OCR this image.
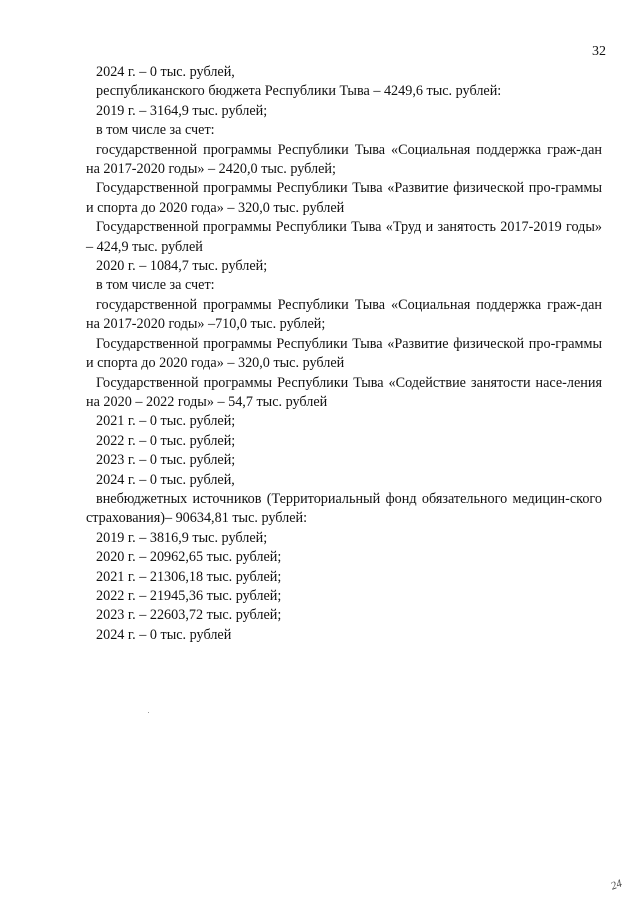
32

2024 г. – 0 тыс. рублей,

республиканского бюджета Республики Тыва – 4249,6 тыс. рублей:

2019 г. – 3164,9 тыс. рублей;

в том числе за счет:

государственной программы Республики Тыва «Социальная поддержка граж-дан на 2017-2020 годы» – 2420,0 тыс. рублей;

Государственной программы Республики Тыва «Развитие физической про-граммы и спорта до 2020 года» – 320,0 тыс. рублей

Государственной программы Республики Тыва «Труд и занятость 2017-2019 годы» – 424,9 тыс. рублей

2020 г. – 1084,7 тыс. рублей;

в том числе за счет:

государственной программы Республики Тыва «Социальная поддержка граж-дан на 2017-2020 годы» –710,0 тыс. рублей;

Государственной программы Республики Тыва «Развитие физической про-граммы и спорта до 2020 года» – 320,0 тыс. рублей

Государственной программы Республики Тыва «Содействие занятости насе-ления на 2020 – 2022 годы» – 54,7 тыс. рублей

2021 г. – 0 тыс. рублей;

2022 г. – 0 тыс. рублей;

2023 г. – 0 тыс. рублей;

2024 г. – 0 тыс. рублей,

внебюджетных источников (Территориальный фонд обязательного медицин-ского страхования)– 90634,81 тыс. рублей:

2019 г. – 3816,9 тыс. рублей;

2020 г. – 20962,65 тыс. рублей;

2021 г. – 21306,18 тыс. рублей;

2022 г. – 21945,36 тыс. рублей;

2023 г. – 22603,72 тыс. рублей;

2024 г. – 0 тыс. рублей

24
